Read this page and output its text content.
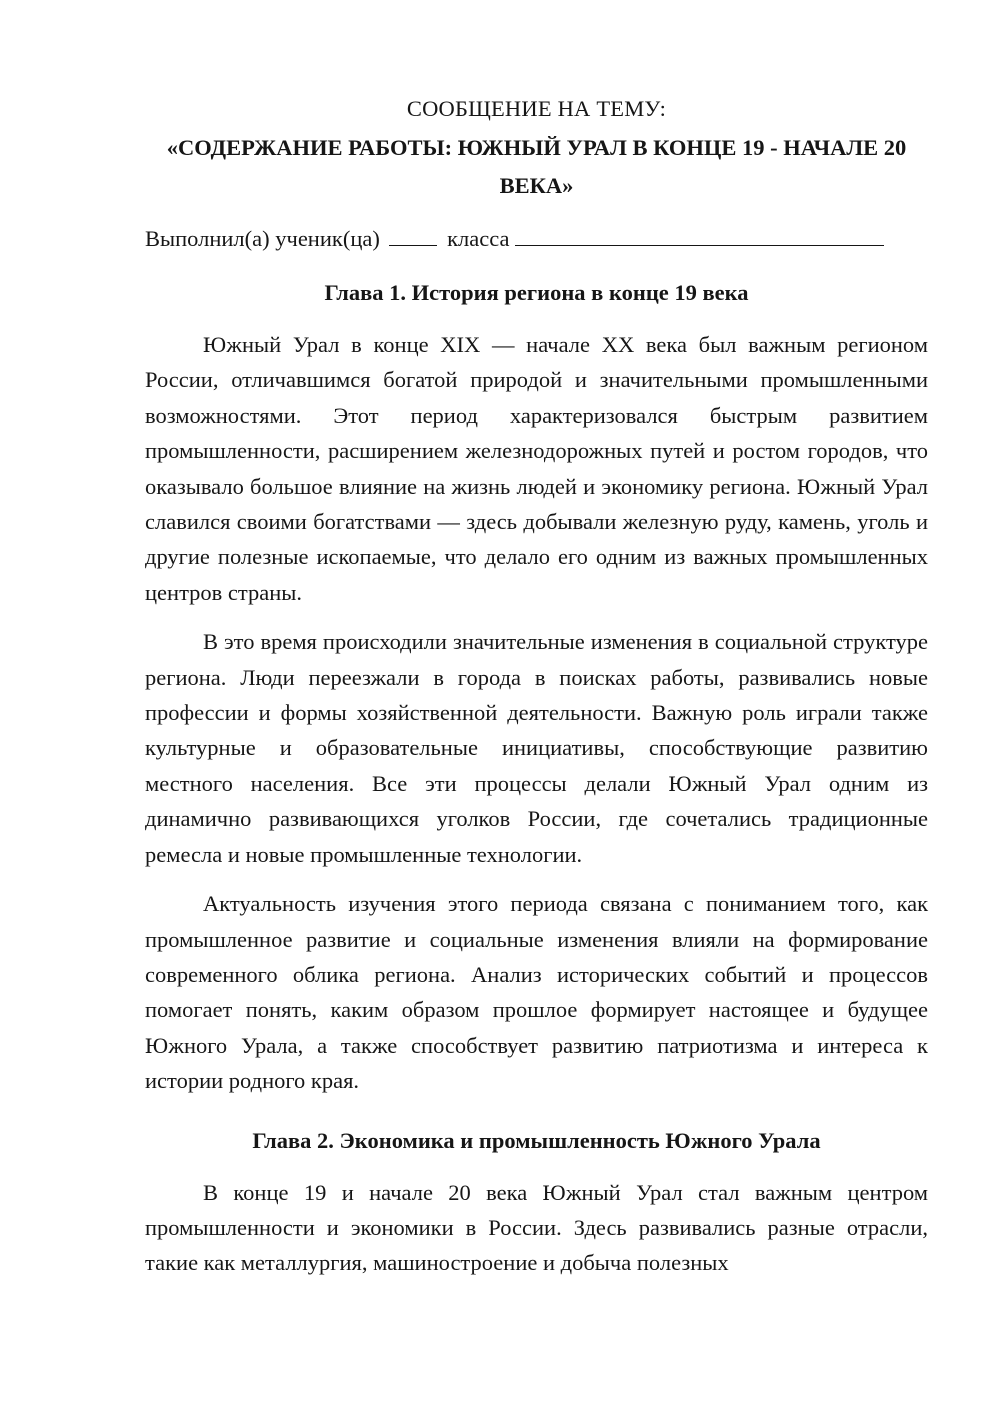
СООБЩЕНИЕ НА ТЕМУ:
«СОДЕРЖАНИЕ РАБОТЫ: ЮЖНЫЙ УРАЛ В КОНЦЕ 19 - НАЧАЛЕ 20 ВЕКА»

Выполнил(а) ученик(ца)	класса

Глава 1. История региона в конце 19 века

Южный Урал в конце XIX — начале XX века был важным регионом России, отличавшимся богатой природой и значительными промышленными возможностями. Этот период характеризовался быстрым развитием промышленности, расширением железнодорожных путей и ростом городов, что оказывало большое влияние на жизнь людей и экономику региона. Южный Урал славился своими богатствами — здесь добывали железную руду, камень, уголь и другие полезные ископаемые, что делало его одним из важных промышленных центров страны.

В это время происходили значительные изменения в социальной структуре региона. Люди переезжали в города в поисках работы, развивались новые профессии и формы хозяйственной деятельности. Важную роль играли также культурные и образовательные инициативы, способствующие развитию местного населения. Все эти процессы делали Южный Урал одним из динамично развивающихся уголков России, где сочетались традиционные ремесла и новые промышленные технологии.

Актуальность изучения этого периода связана с пониманием того, как промышленное развитие и социальные изменения влияли на формирование современного облика региона. Анализ исторических событий и процессов помогает понять, каким образом прошлое формирует настоящее и будущее Южного Урала, а также способствует развитию патриотизма и интереса к истории родного края.

Глава 2. Экономика и промышленность Южного Урала

В конце 19 и начале 20 века Южный Урал стал важным центром промышленности и экономики в России. Здесь развивались разные отрасли, такие как металлургия, машиностроение и добыча полезных
